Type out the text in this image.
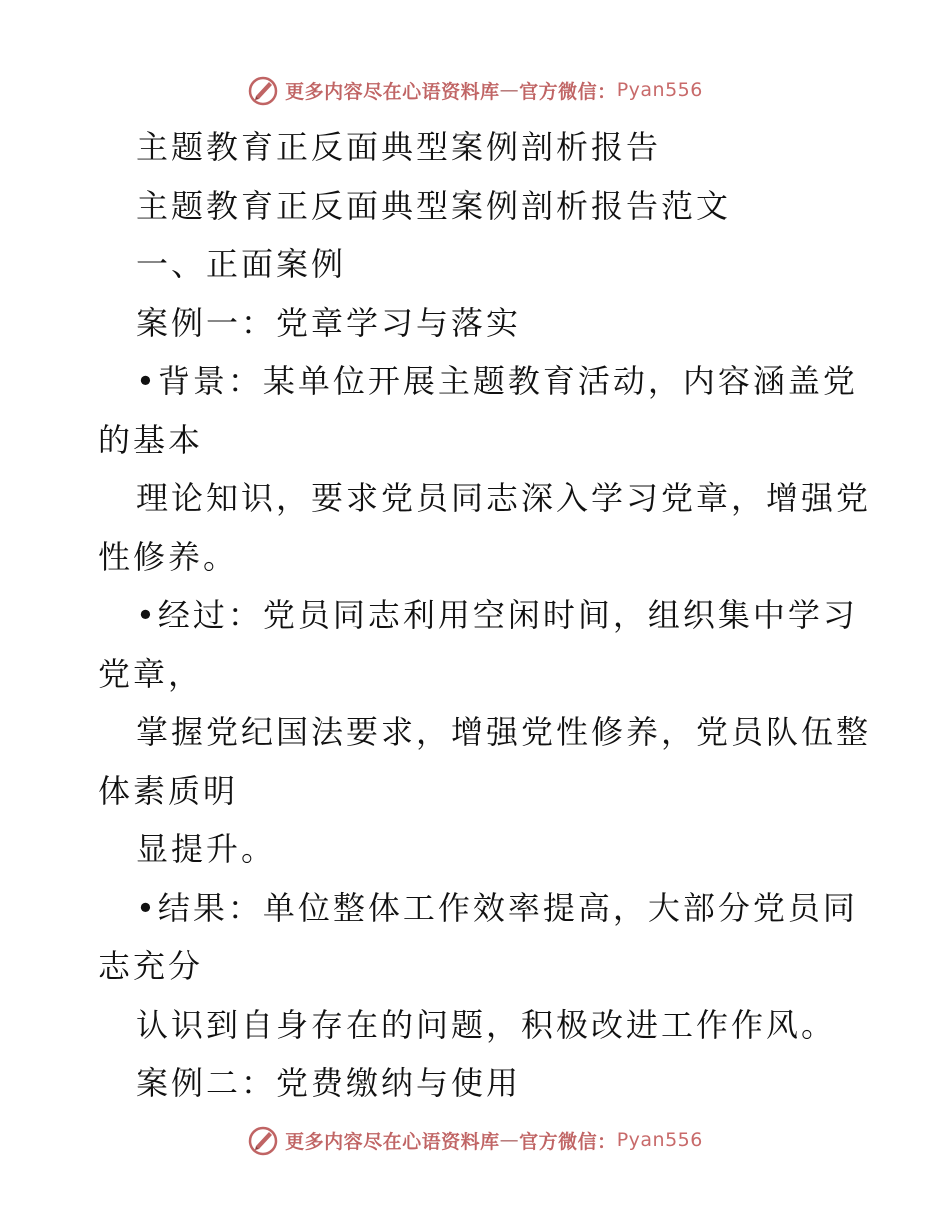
更多内容尽在心语资料库 — 官方微信： Pyan556
主题教育正反面典型案例剖析报告
主题教育正反面典型案例剖析报告范文
一、正面案例
案例一：党章学习与落实
•背景：某单位开展主题教育活动，内容涵盖党
的基本
理论知识，要求党员同志深入学习党章，增强党
性修养。
•经过：党员同志利用空闲时间，组织集中学习
党章，
掌握党纪国法要求，增强党性修养，党员队伍整
体素质明
显提升。
•结果：单位整体工作效率提高，大部分党员同
志充分
认识到自身存在的问题，积极改进工作作风。
案例二：党费缴纳与使用
更多内容尽在心语资料库 — 官方微信： Pyan556
